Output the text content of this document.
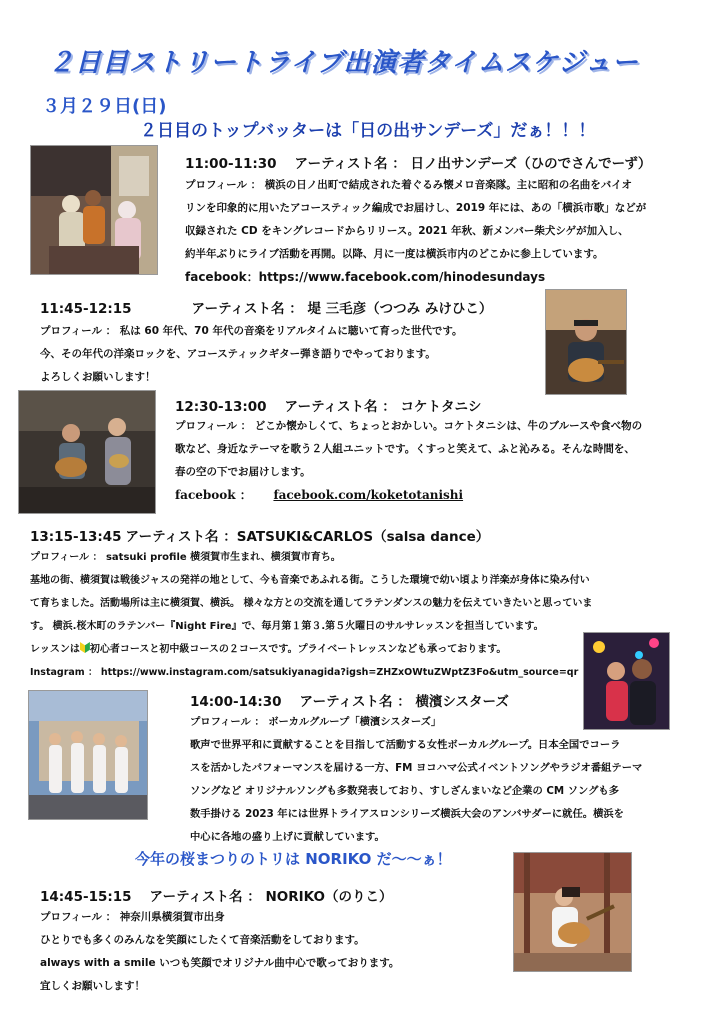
２日目ストリートライブ出演者タイムスケジュー
３月２９日(日)
２日目のトップバッターは「日の出サンデーズ」だぁ！！！
11:00-11:30 アーティスト名 ： 日ノ出サンデーズ（ひのでさんでーず）
プロフィール ： 横浜の日ノ出町で結成された着ぐるみ懐メロ音楽隊。主に昭和の名曲をバイオ
リンを印象的に用いたアコースティック編成でお届けし、2019 年には、あの「横浜市歌」などが
収録された CD をキングレコードからリリース。2021 年秋、新メンバー柴犬シゲが加入し、
約半年ぶりにライブ活動を再開。以降、月に一度は横浜市内のどこかに参上しています。
facebook：https://www.facebook.com/hinodesundays
11:45-12:15	アーティスト名 ： 堤 三毛彦（つつみ みけひこ）
プロフィール ： 私は 60 年代、70 年代の音楽をリアルタイムに聴いて育った世代です。
今、その年代の洋楽ロックを、アコースティックギター弾き語りでやっております。
よろしくお願いします！
12:30-13:00 アーティスト名 ： コケトタニシ
プロフィール ： どこか懐かしくて、ちょっとおかしい。コケトタニシは、牛のブルースや食べ物の
歌など、身近なテーマを歌う２人組ユニットです。くすっと笑えて、ふと沁みる。そんな時間を、
春の空の下でお届けします。
facebook ： facebook.com/koketotanishi
13:15-13:45 アーティスト名 ：SATSUKI&CARLOS（salsa dance）
プロフィール ： satsuki profile 横須賀市生まれ、横須賀市育ち。
基地の街、横須賀は戦後ジャスの発祥の地として、今も音楽であふれる街。こうした環境で幼い頃より洋楽が身体に染み付い
て育ちました。活動場所は主に横須賀、横浜。 様々な方との交流を通してラテンダンスの魅力を伝えていきたいと思っていま
す。 横浜.桜木町のラテンバー『Night Fire』で、毎月第１第３.第５火曜日のサルサレッスンを担当しています。
レッスンは 初心者コースと初中級コースの２コースです。プライベートレッスンなども承っております。
Instagram ： https://www.instagram.com/satsukiyanagida?igsh=ZHZxOWtuZWptZ3Fo&utm_source=qr
14:00-14:30 アーティスト名 ： 横濱シスターズ
プロフィール ： ボーカルグループ「横濱シスターズ」
歌声で世界平和に貢献することを目指して活動する女性ボーカルグループ。日本全国でコーラ
スを活かしたパフォーマンスを届ける一方、FM ヨコハマ公式イベントソングやラジオ番組テーマ
ソングなど オリジナルソングも多数発表しており、すしざんまいなど企業の CM ソングも多
数手掛ける 2023 年には世界トライアスロンシリーズ横浜大会のアンバサダーに就任。横浜を
中心に各地の盛り上げに貢献しています。
今年の桜まつりのトリは NORIKO だ～～ぁ！
14:45-15:15 アーティスト名 ： NORIKO（のりこ）
プロフィール ： 神奈川県横須賀市出身
ひとりでも多くのみんなを笑顔にしたくて音楽活動をしております。
always with a smile いつも笑顔でオリジナル曲中心で歌っております。
宜しくお願いします！
